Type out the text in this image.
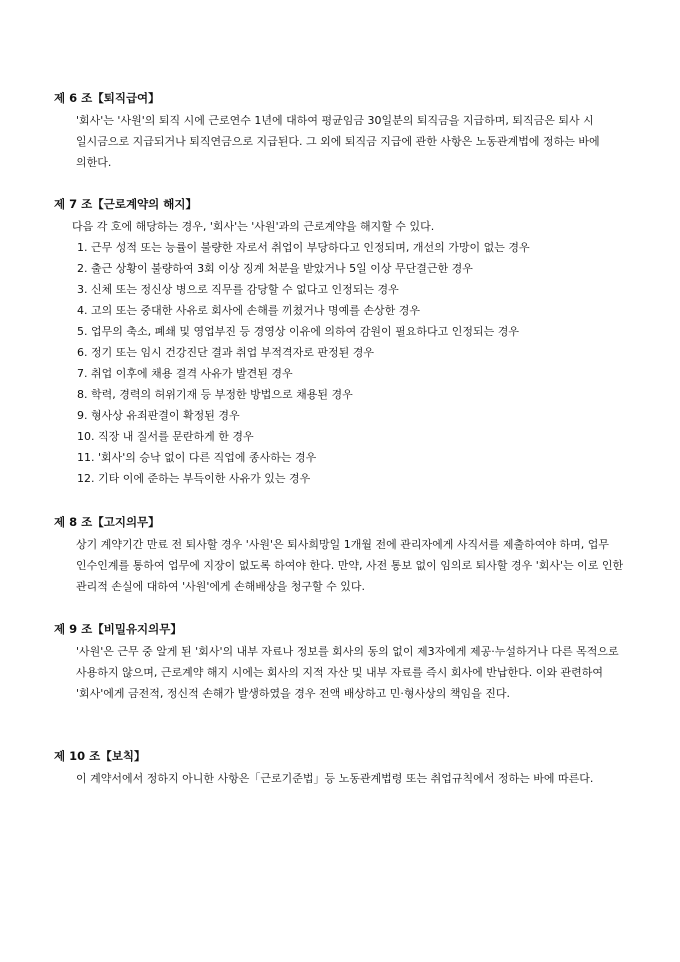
제 6 조【퇴직급여】
'회사'는 '사원'의 퇴직 시에 근로연수 1년에 대하여 평균임금 30일분의 퇴직금을 지급하며, 퇴직금은 퇴사 시 일시금으로 지급되거나 퇴직연금으로 지급된다. 그 외에 퇴직금 지급에 관한 사항은 노동관계법에 정하는 바에 의한다.
제 7 조【근로계약의 해지】
다음 각 호에 해당하는 경우, '회사'는 '사원'과의 근로계약을 해지할 수 있다.
1. 근무 성적 또는 능률이 불량한 자로서 취업이 부당하다고 인정되며, 개선의 가망이 없는 경우
2. 출근 상황이 불량하여 3회 이상 징계 처분을 받았거나 5일 이상 무단결근한 경우
3. 신체 또는 정신상 병으로 직무를 감당할 수 없다고 인정되는 경우
4. 고의 또는 중대한 사유로 회사에 손해를 끼쳤거나 명예를 손상한 경우
5. 업무의 축소, 폐쇄 및 영업부진 등 경영상 이유에 의하여 감원이 필요하다고 인정되는 경우
6. 정기 또는 임시 건강진단 결과 취업 부적격자로 판정된 경우
7. 취업 이후에 채용 결격 사유가 발견된 경우
8. 학력, 경력의 허위기재 등 부정한 방법으로 채용된 경우
9. 형사상 유죄판결이 확정된 경우
10. 직장 내 질서를 문란하게 한 경우
11. '회사'의 승낙 없이 다른 직업에 종사하는 경우
12. 기타 이에 준하는 부득이한 사유가 있는 경우
제 8 조【고지의무】
상기 계약기간 만료 전 퇴사할 경우 '사원'은 퇴사희망일 1개월 전에 관리자에게 사직서를 제출하여야 하며, 업무 인수인계를 통하여 업무에 지장이 없도록 하여야 한다. 만약, 사전 통보 없이 임의로 퇴사할 경우 '회사'는 이로 인한 관리적 손실에 대하여 '사원'에게 손해배상을 청구할 수 있다.
제 9 조【비밀유지의무】
'사원'은 근무 중 알게 된 '회사'의 내부 자료나 정보를 회사의 동의 없이 제3자에게 제공·누설하거나 다른 목적으로 사용하지 않으며, 근로계약 해지 시에는 회사의 지적 자산 및 내부 자료를 즉시 회사에 반납한다. 이와 관련하여 '회사'에게 금전적, 정신적 손해가 발생하였을 경우 전액 배상하고 민·형사상의 책임을 진다.
제 10 조【보칙】
이 계약서에서 정하지 아니한 사항은「근로기준법」등 노동관계법령 또는 취업규칙에서 정하는 바에 따른다.
